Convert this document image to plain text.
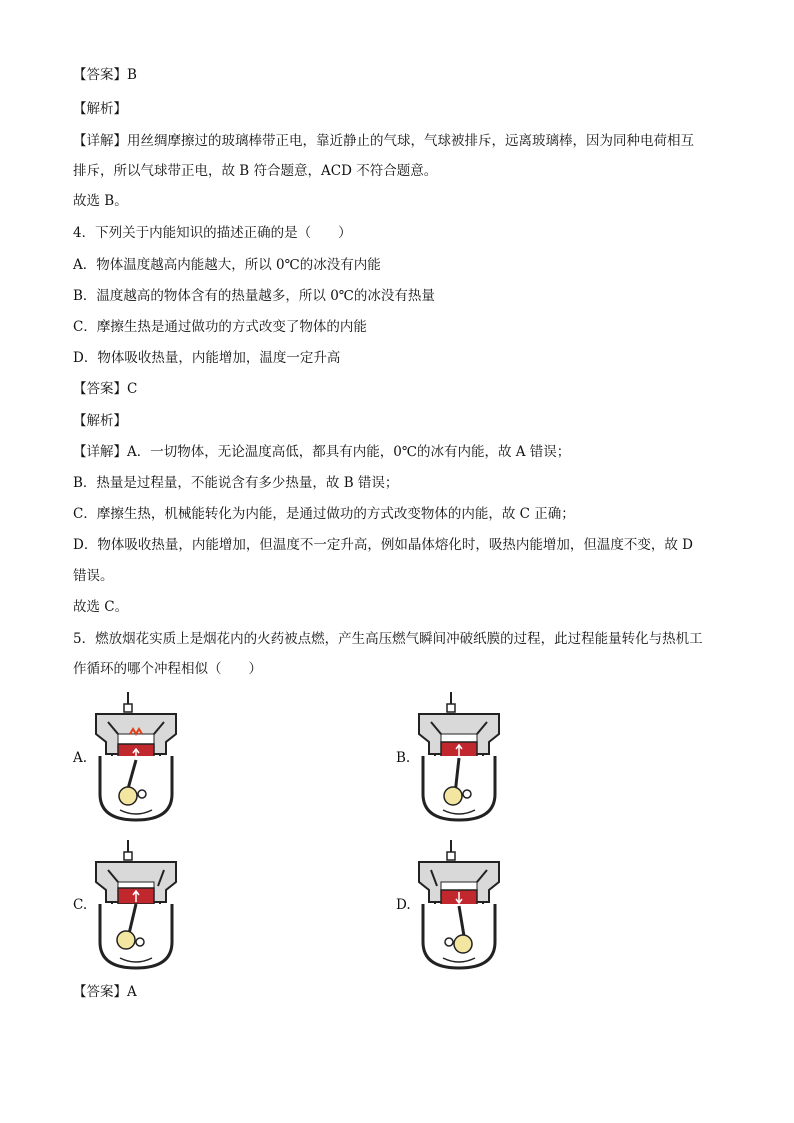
【答案】B
【解析】
【详解】用丝绸摩擦过的玻璃棒带正电，靠近静止的气球，气球被排斥，远离玻璃棒，因为同种电荷相互
排斥，所以气球带正电，故 B 符合题意，ACD 不符合题意。
故选 B。
4．下列关于内能知识的描述正确的是（　　）
A．物体温度越高内能越大，所以 0℃的冰没有内能
B．温度越高的物体含有的热量越多，所以 0℃的冰没有热量
C．摩擦生热是通过做功的方式改变了物体的内能
D．物体吸收热量，内能增加，温度一定升高
【答案】C
【解析】
【详解】A．一切物体，无论温度高低，都具有内能，0℃的冰有内能，故 A 错误；
B．热量是过程量，不能说含有多少热量，故 B 错误；
C．摩擦生热，机械能转化为内能，是通过做功的方式改变物体的内能，故 C 正确；
D．物体吸收热量，内能增加，但温度不一定升高，例如晶体熔化时，吸热内能增加，但温度不变，故 D
错误。
故选 C。
5．燃放烟花实质上是烟花内的火药被点燃，产生高压燃气瞬间冲破纸膜的过程，此过程能量转化与热机工
作循环的哪个冲程相似（　　）
A.	B.
C.	D.
【答案】A
